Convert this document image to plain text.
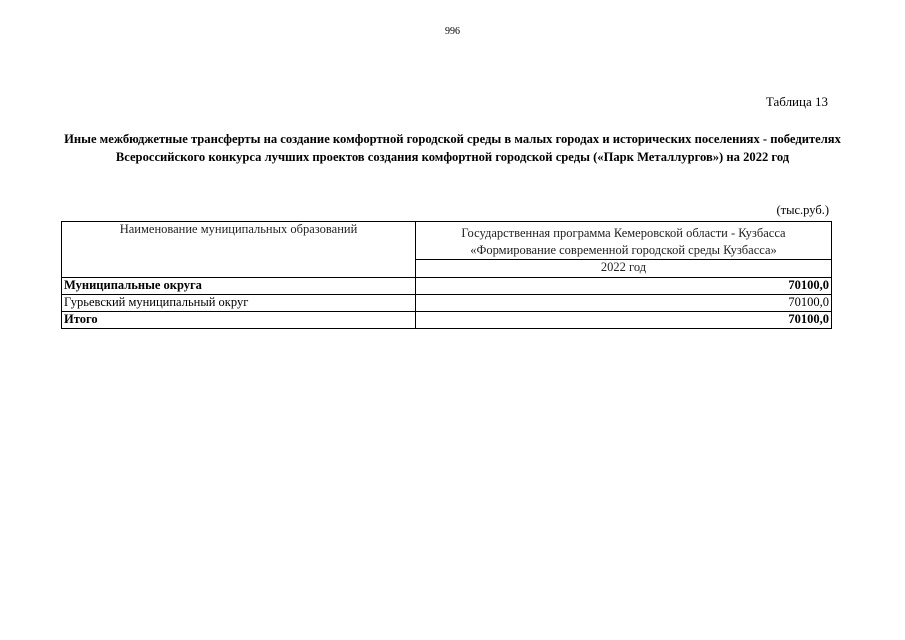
996
Таблица 13
Иные межбюджетные трансферты на создание комфортной городской среды в малых городах и исторических поселениях - победителях Всероссийского конкурса лучших проектов создания комфортной городской среды («Парк Металлургов») на 2022 год
(тыс.руб.)
Наименование муниципальных образований	Государственная программа Кемеровской области - Кузбасса «Формирование современной городской среды Кузбасса»
	2022 год
Муниципальные округа	70100,0
Гурьевский муниципальный округ	70100,0
Итого	70100,0
